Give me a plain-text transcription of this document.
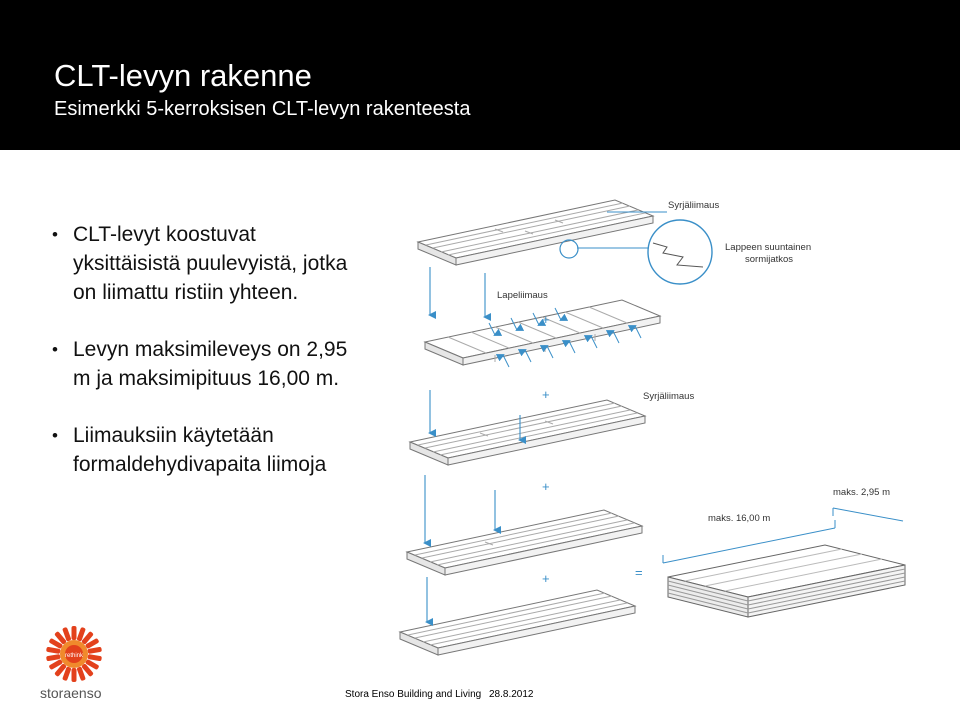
CLT-levyn rakenne
Esimerkki 5-kerroksisen CLT-levyn rakenteesta
• CLT-levyt koostuvat yksittäisistä puulevyistä, jotka on liimattu ristiin yhteen.
• Levyn maksimileveys on 2,95 m ja maksimipituus 16,00 m.
• Liimauksiin käytetään formaldehydivapaita liimoja
Syrjäliimaus
Lappeen suuntainen
sormijatkos
Lapeliimaus
Syrjäliimaus
maks. 2,95 m
maks. 16,00 m
+
+
+
+	=
rethink
storaenso	Stora Enso Building and Living 28.8.2012
